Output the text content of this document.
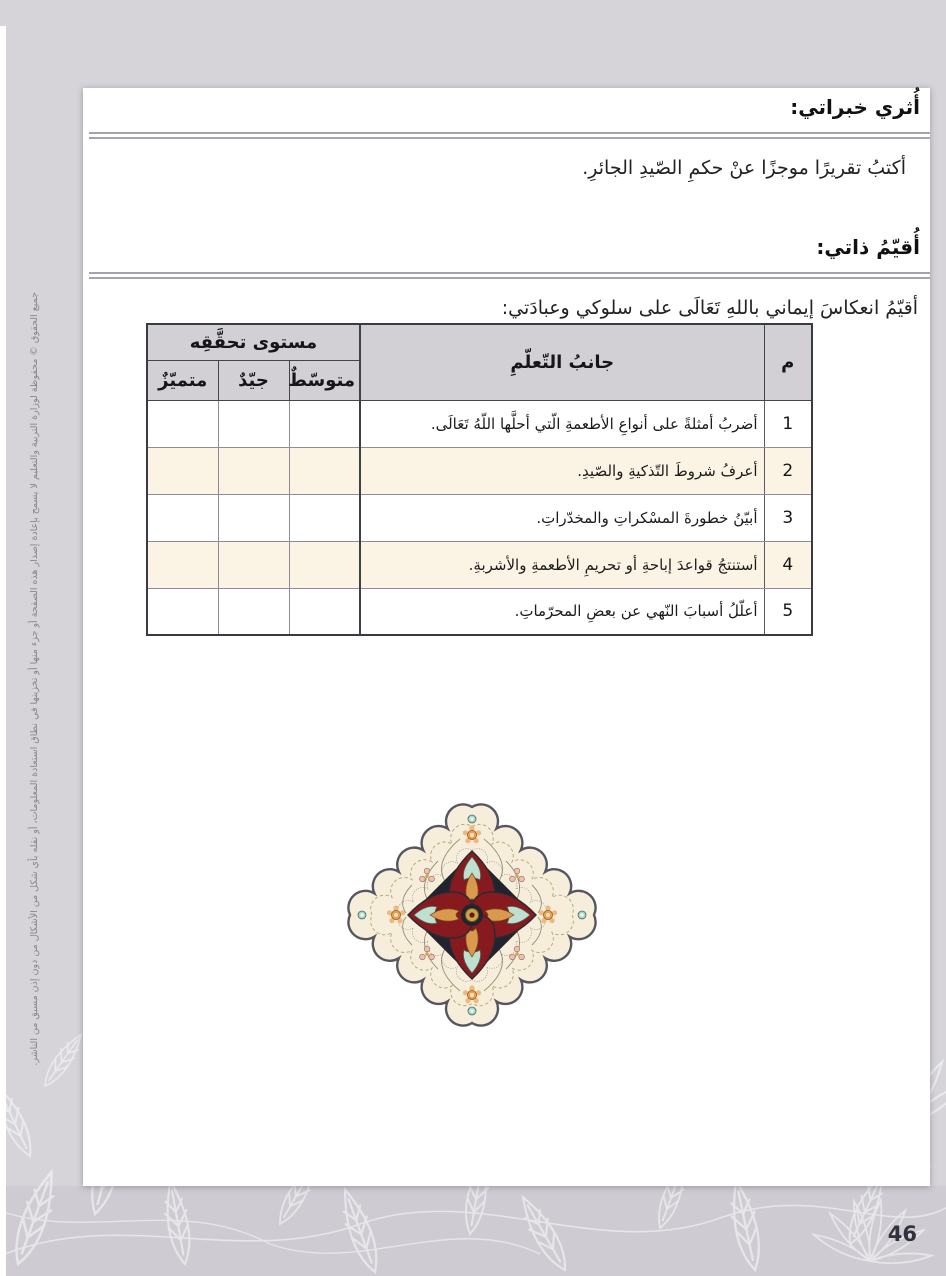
جميع الحقوق © محفوظة لوزارة التربية والتعليم لا يسمح بإعادة إصدار هذه الصفحة أو جزء منها أو تخزينها في نطاق استعادة المعلومات، أو نقله بأي شكل من الأشكال من دون إذن مسبق من الناشر.
أُثري خبراتي:

أكتبُ تقريرًا موجزًا عنْ حكمِ الصّيدِ الجائرِ.

أُقيّمُ ذاتي:

أقيّمُ انعكاسَ إيماني باللهِ تَعَالَى على سلوكي وعبادَتي:

م	جانبُ التّعلّمِ	مستوى تحقَّقِه		
		متوسّطٌ	جيّدٌ	متميّزٌ
1	أضربُ أمثلةً على أنواعِ الأطعمةِ الّتي أحلَّها اللّهُ تَعَالَى.			
2	أعرفُ شروطَ التّذكيةِ والصّيدِ.			
3	أبيّنُ خطورةَ المسْكراتِ والمخدّراتِ.			
4	أستنتجُ قواعدَ إباحةِ أو تحريمِ الأطعمةِ والأشربةِ.			
5	أعلّلُ أسبابَ النّهي عن بعضِ المحرّماتِ.			
46
